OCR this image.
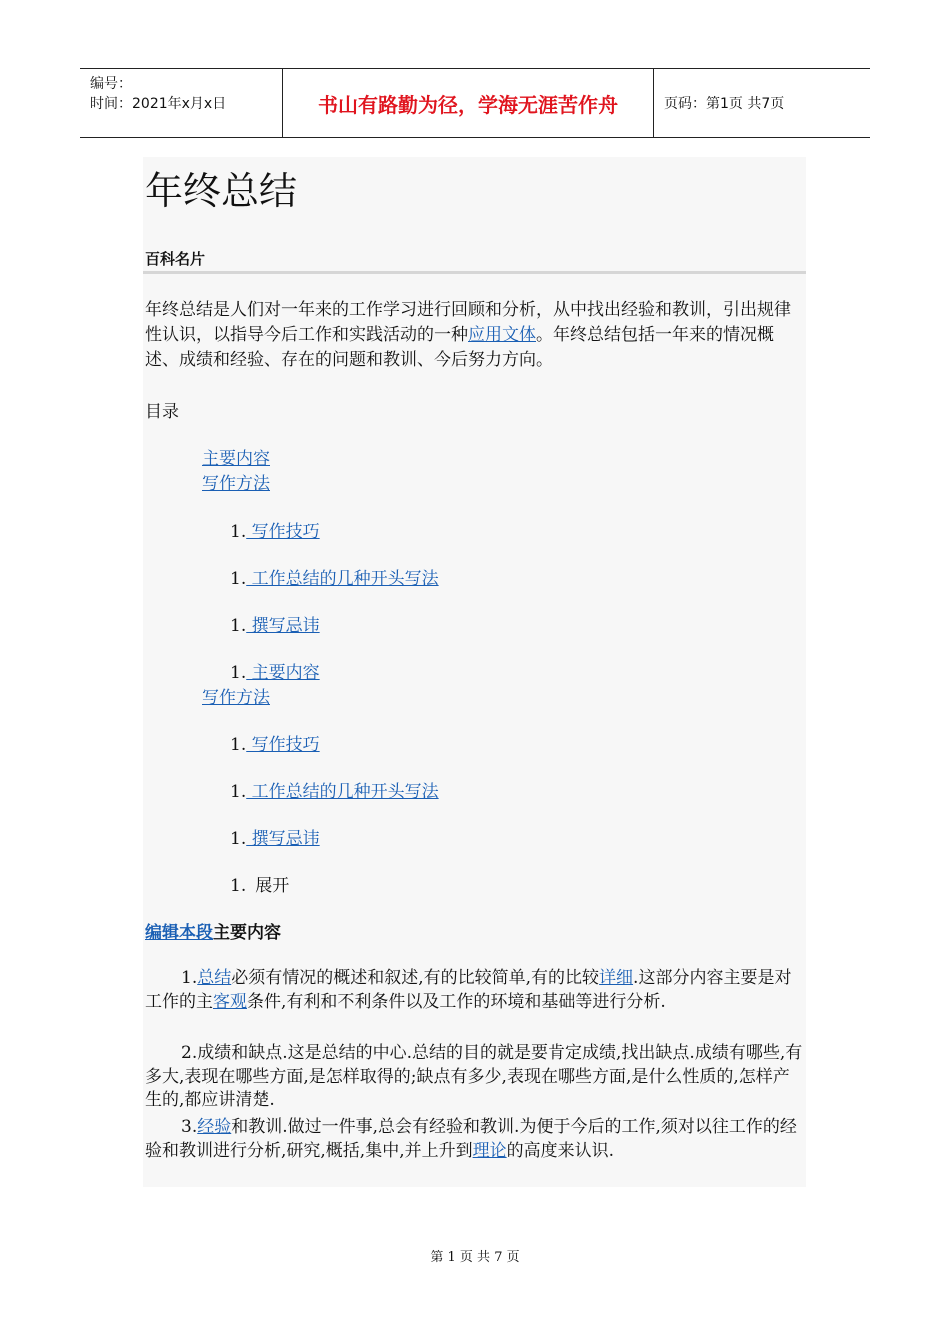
编号：
时间：2021年x月x日	书山有路勤为径，学海无涯苦作舟	页码：第1页 共7页
年终总结
百科名片
年终总结是人们对一年来的工作学习进行回顾和分析，从中找出经验和教训，引出规律性认识，以指导今后工作和实践活动的一种应用文体。年终总结包括一年来的情况概述、成绩和经验、存在的问题和教训、今后努力方向。
目录
主要内容
写作方法
1. 写作技巧
1. 工作总结的几种开头写法
1. 撰写忌讳
1. 主要内容
写作方法
1. 写作技巧
1. 工作总结的几种开头写法
1. 撰写忌讳
1. 展开
编辑本段主要内容
1.总结必须有情况的概述和叙述,有的比较简单,有的比较详细.这部分内容主要是对工作的主客观条件,有利和不利条件以及工作的环境和基础等进行分析.
2.成绩和缺点.这是总结的中心.总结的目的就是要肯定成绩,找出缺点.成绩有哪些,有多大,表现在哪些方面,是怎样取得的;缺点有多少,表现在哪些方面,是什么性质的,怎样产生的,都应讲清楚.
3.经验和教训.做过一件事,总会有经验和教训.为便于今后的工作,须对以往工作的经验和教训进行分析,研究,概括,集中,并上升到理论的高度来认识.
第 1 页 共 7 页
